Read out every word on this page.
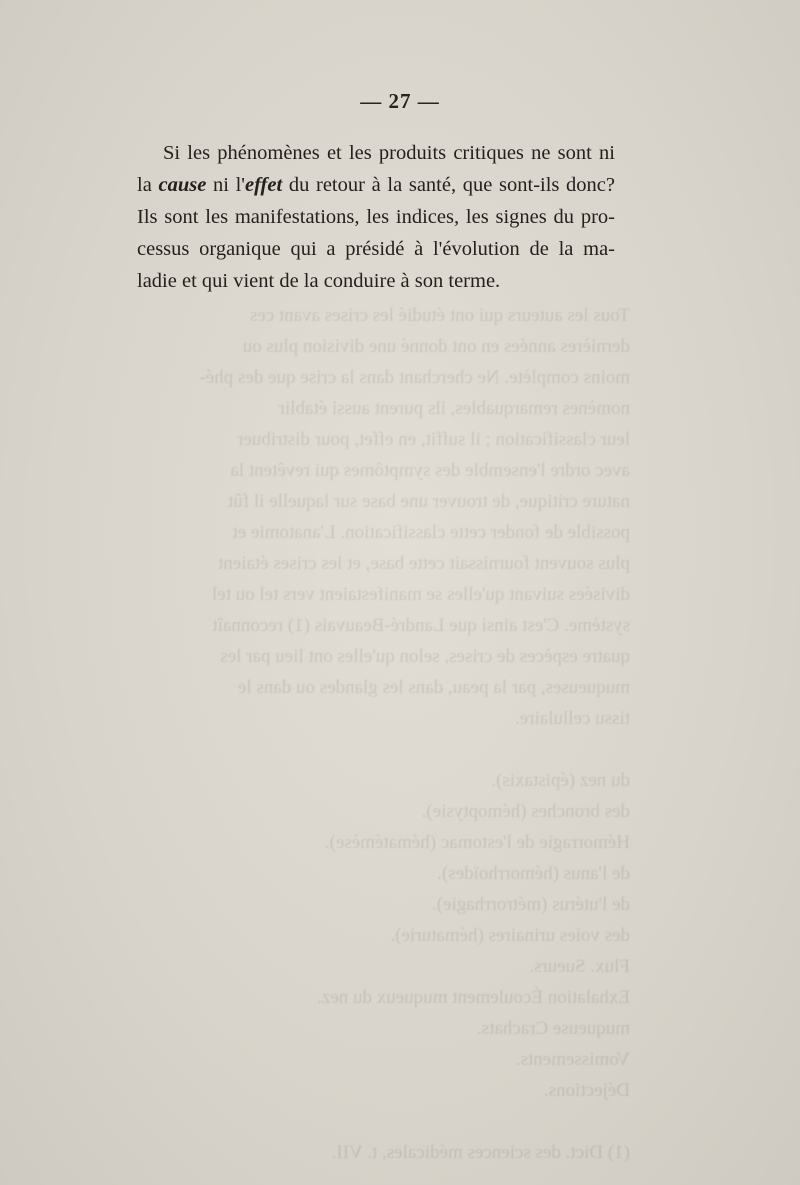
Tous les auteurs qui ont étudié les crises avant ces

dernières années en ont donné une division plus ou

moins complète. Ne cherchant dans la crise que des phé-

nomènes remarquables, ils purent aussi établir

leur classification ; il suffit, en effet, pour distribuer

avec ordre l'ensemble des symptômes qui revêtent la

nature critique, de trouver une base sur laquelle il fût

possible de fonder cette classification. L'anatomie et

plus souvent fournissait cette base, et les crises étaient

divisées suivant qu'elles se manifestaient vers tel ou tel

système. C'est ainsi que Landré-Beauvais (1) reconnaît

quatre espèces de crises, selon qu'elles ont lieu par les

muqueuses, par la peau, dans les glandes ou dans le

tissu cellulaire.

du nez (épistaxis).

des bronches (hémoptysie).

Hémorragie de l'estomac (hématémèse).

de l'anus (hémorrhoïdes).

de l'utérus (métrorrhagie).

des voies urinaires (hématurie).

Flux. Sueurs.

Exhalation Écoulement muqueux du nez.

muqueuse Crachats.

Vomissements.

Déjections.

(1) Dict. des sciences médicales, t. VII.

— 27 —
Si les phénomènes et les produits critiques ne sont ni
la cause ni l'effet du retour à la santé, que sont-ils donc?
Ils sont les manifestations, les indices, les signes du pro-
cessus organique qui a présidé à l'évolution de la ma-
ladie et qui vient de la conduire à son terme.
